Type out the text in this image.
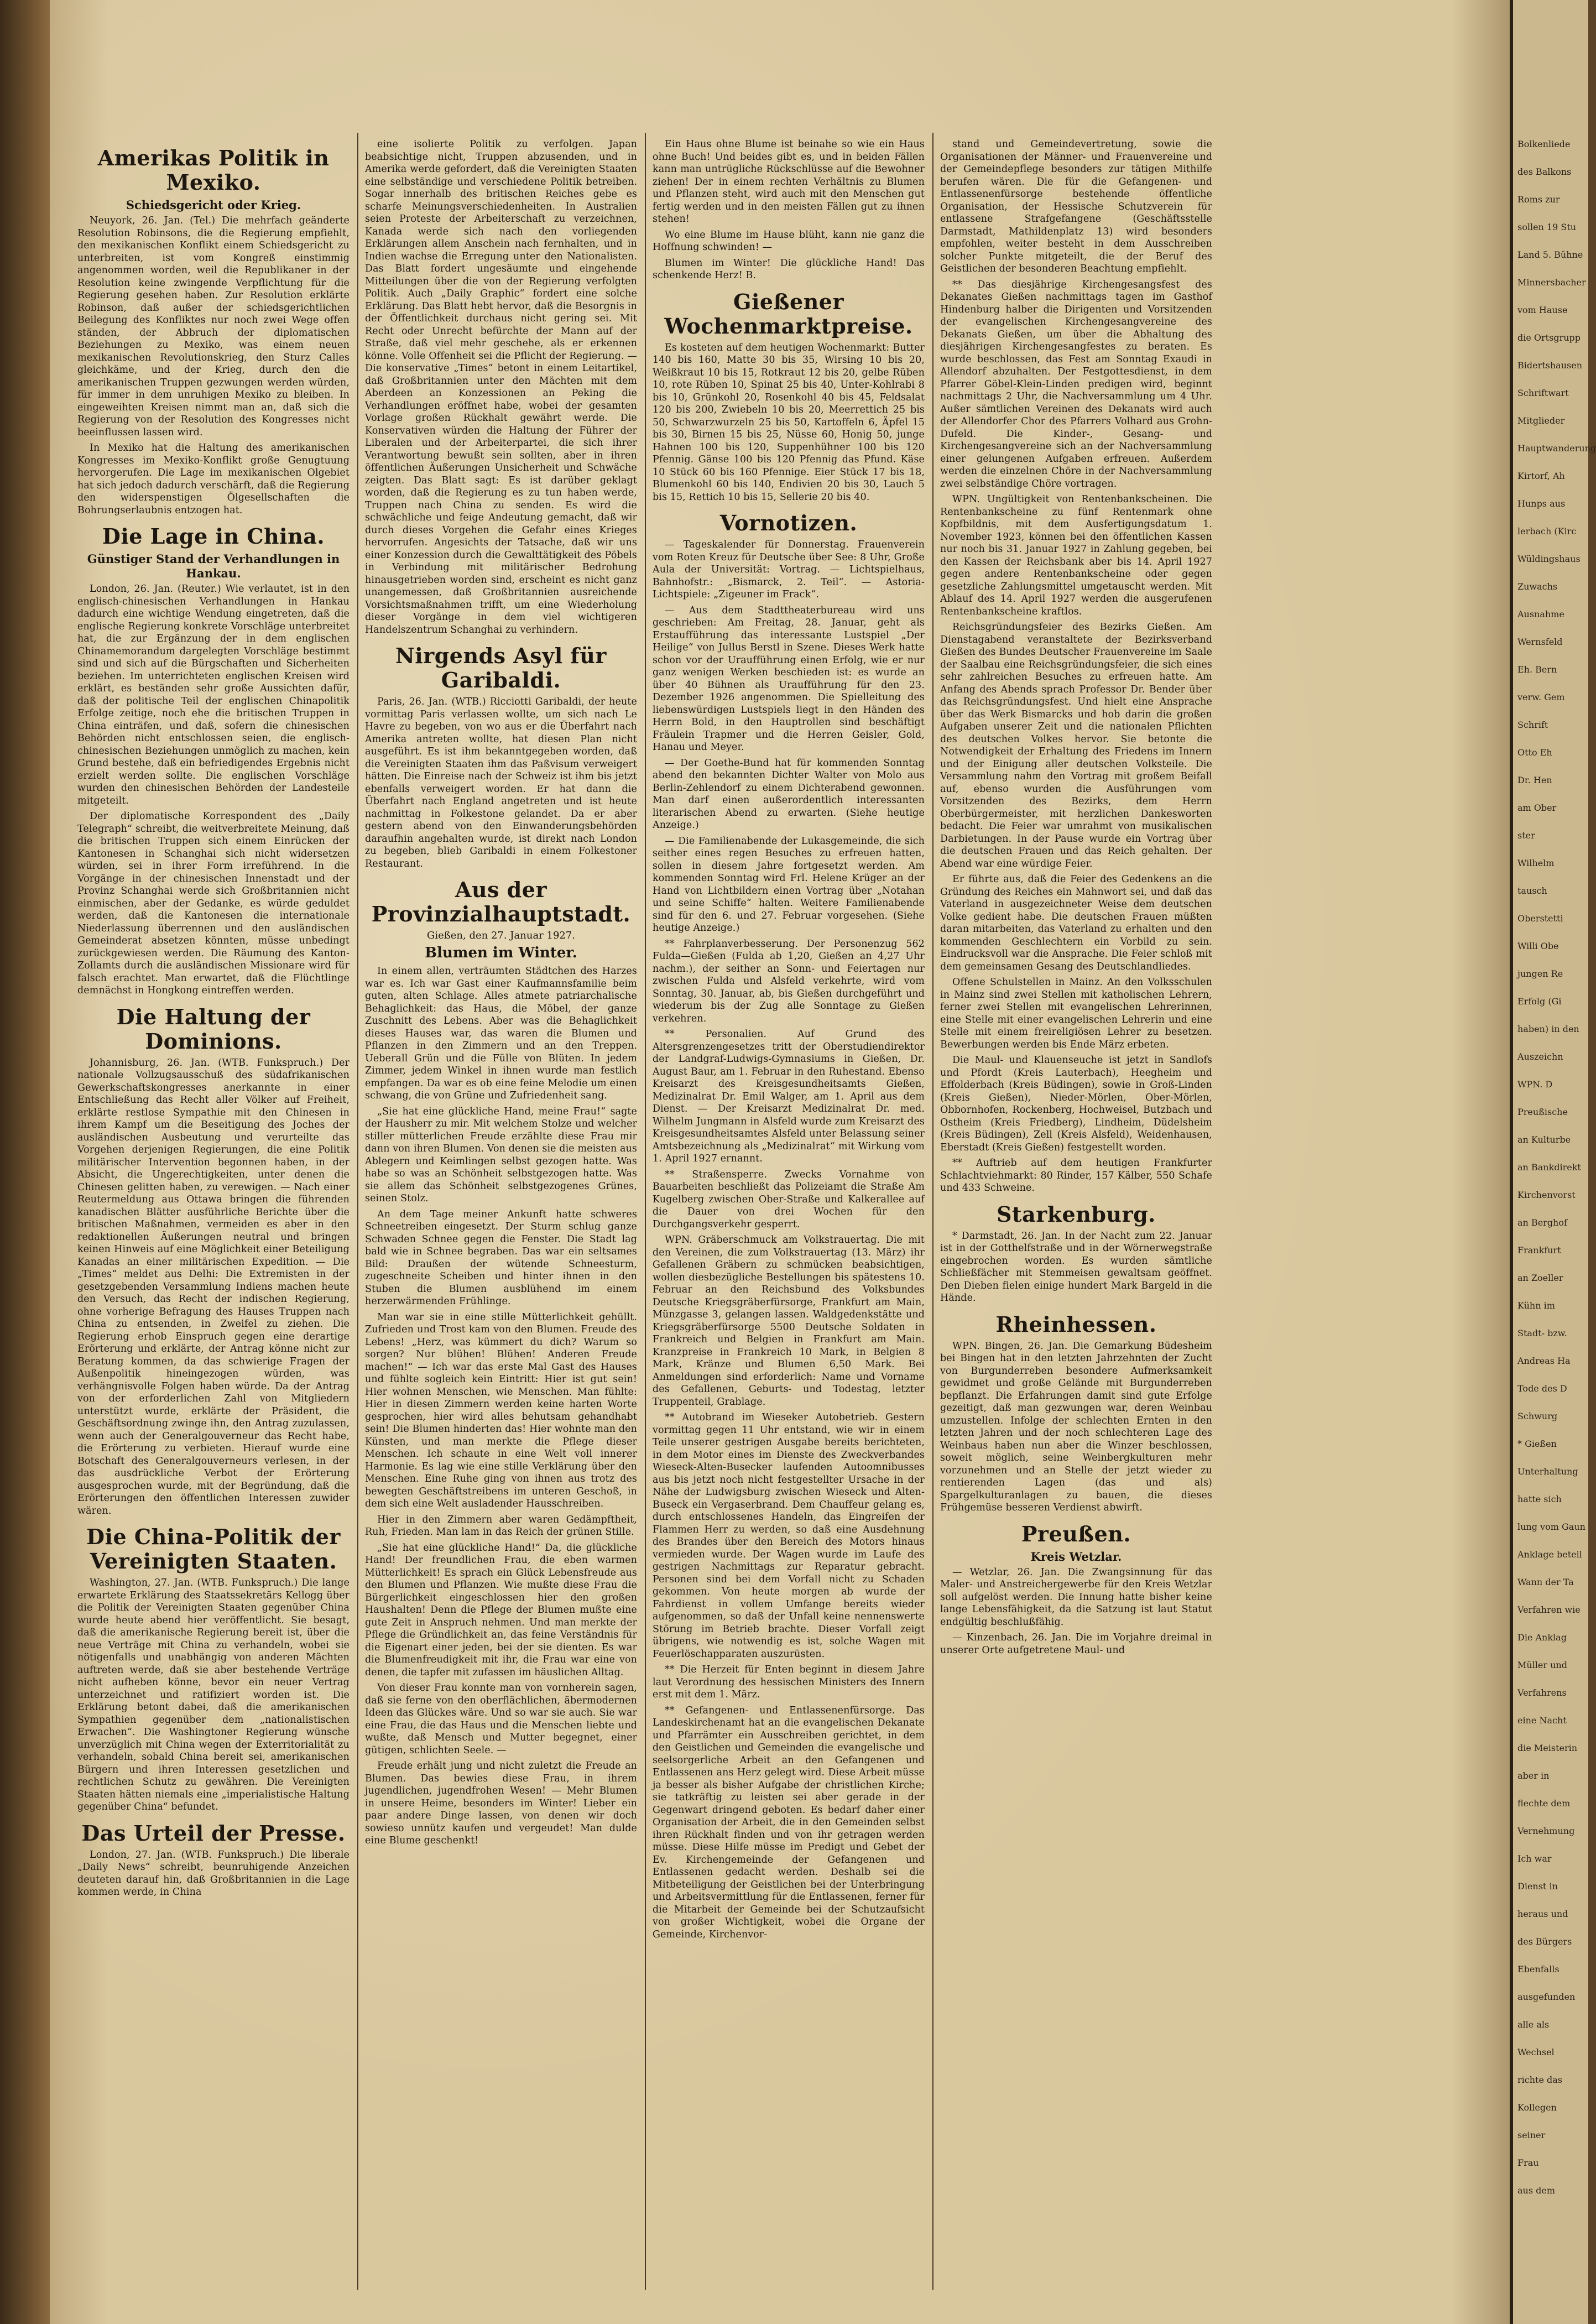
Amerikas Politik in Mexiko.
Schiedsgericht oder Krieg.

Neuyork, 26. Jan. (Tel.) Die mehrfach geänderte Resolution Robinsons, die die Regierung empfiehlt, den mexikanischen Konflikt einem Schiedsgericht zu unterbreiten, ist vom Kongreß einstimmig angenommen worden, weil die Republikaner in der Resolution keine zwingende Verpflichtung für die Regierung gesehen haben. Zur Resolution erklärte Robinson, daß außer der schiedsgerichtlichen Beilegung des Konfliktes nur noch zwei Wege offen ständen, der Abbruch der diplomatischen Beziehungen zu Mexiko, was einem neuen mexikanischen Revolutionskrieg, den Sturz Calles gleichkäme, und der Krieg, durch den die amerikanischen Truppen gezwungen werden würden, für immer in dem unruhigen Mexiko zu bleiben. In eingeweihten Kreisen nimmt man an, daß sich die Regierung von der Resolution des Kongresses nicht beeinflussen lassen wird.

In Mexiko hat die Haltung des amerikanischen Kongresses im Mexiko-Konflikt große Genugtuung hervorgerufen. Die Lage im mexikanischen Olgebiet hat sich jedoch dadurch verschärft, daß die Regierung den widerspenstigen Ölgesellschaften die Bohrungserlaubnis entzogen hat.

Die Lage in China.
Günstiger Stand der Verhandlungen in Hankau.

London, 26. Jan. (Reuter.) Wie verlautet, ist in den englisch-chinesischen Verhandlungen in Hankau dadurch eine wichtige Wendung eingetreten, daß die englische Regierung konkrete Vorschläge unterbreitet hat, die zur Ergänzung der in dem englischen Chinamemorandum dargelegten Vorschläge bestimmt sind und sich auf die Bürgschaften und Sicherheiten beziehen. Im unterrichteten englischen Kreisen wird erklärt, es beständen sehr große Aussichten dafür, daß der politische Teil der englischen Chinapolitik Erfolge zeitige, noch ehe die britischen Truppen in China einträfen, und daß, sofern die chinesischen Behörden nicht entschlossen seien, die englisch-chinesischen Beziehungen unmöglich zu machen, kein Grund bestehe, daß ein befriedigendes Ergebnis nicht erzielt werden sollte. Die englischen Vorschläge wurden den chinesischen Behörden der Landesteile mitgeteilt.

Der diplomatische Korrespondent des „Daily Telegraph“ schreibt, die weitverbreitete Meinung, daß die britischen Truppen sich einem Einrücken der Kantonesen in Schanghai sich nicht widersetzen würden, sei in ihrer Form irreführend. In die Vorgänge in der chinesischen Innenstadt und der Provinz Schanghai werde sich Großbritannien nicht einmischen, aber der Gedanke, es würde geduldet werden, daß die Kantonesen die internationale Niederlassung überrennen und den ausländischen Gemeinderat absetzen könnten, müsse unbedingt zurückgewiesen werden. Die Räumung des Kanton-Zollamts durch die ausländischen Missionare wird für falsch erachtet. Man erwartet, daß die Flüchtlinge demnächst in Hongkong eintreffen werden.

Die Haltung der Dominions.

Johannisburg, 26. Jan. (WTB. Funkspruch.) Der nationale Vollzugsausschuß des südafrikanischen Gewerkschaftskongresses anerkannte in einer Entschließung das Recht aller Völker auf Freiheit, erklärte restlose Sympathie mit den Chinesen in ihrem Kampf um die Beseitigung des Joches der ausländischen Ausbeutung und verurteilte das Vorgehen derjenigen Regierungen, die eine Politik militärischer Intervention begonnen haben, in der Absicht, die Ungerechtigkeiten, unter denen die Chinesen gelitten haben, zu verewigen. — Nach einer Reutermeldung aus Ottawa bringen die führenden kanadischen Blätter ausführliche Berichte über die britischen Maßnahmen, vermeiden es aber in den redaktionellen Äußerungen neutral und bringen keinen Hinweis auf eine Möglichkeit einer Beteiligung Kanadas an einer militärischen Expedition. — Die „Times“ meldet aus Delhi: Die Extremisten in der gesetzgebenden Versammlung Indiens machen heute den Versuch, das Recht der indischen Regierung, ohne vorherige Befragung des Hauses Truppen nach China zu entsenden, in Zweifel zu ziehen. Die Regierung erhob Einspruch gegen eine derartige Erörterung und erklärte, der Antrag könne nicht zur Beratung kommen, da das schwierige Fragen der Außenpolitik hineingezogen würden, was verhängnisvolle Folgen haben würde. Da der Antrag von der erforderlichen Zahl von Mitgliedern unterstützt wurde, erklärte der Präsident, die Geschäftsordnung zwinge ihn, den Antrag zuzulassen, wenn auch der Generalgouverneur das Recht habe, die Erörterung zu verbieten. Hierauf wurde eine Botschaft des Generalgouverneurs verlesen, in der das ausdrückliche Verbot der Erörterung ausgesprochen wurde, mit der Begründung, daß die Erörterungen den öffentlichen Interessen zuwider wären.

Die China-Politik der Vereinigten Staaten.

Washington, 27. Jan. (WTB. Funkspruch.) Die lange erwartete Erklärung des Staatssekretärs Kellogg über die Politik der Vereinigten Staaten gegenüber China wurde heute abend hier veröffentlicht. Sie besagt, daß die amerikanische Regierung bereit ist, über die neue Verträge mit China zu verhandeln, wobei sie nötigenfalls und unabhängig von anderen Mächten auftreten werde, daß sie aber bestehende Verträge nicht aufheben könne, bevor ein neuer Vertrag unterzeichnet und ratifiziert worden ist. Die Erklärung betont dabei, daß die amerikanischen Sympathien gegenüber dem „nationalistischen Erwachen“. Die Washingtoner Regierung wünsche unverzüglich mit China wegen der Exterritorialität zu verhandeln, sobald China bereit sei, amerikanischen Bürgern und ihren Interessen gesetzlichen und rechtlichen Schutz zu gewähren. Die Vereinigten Staaten hätten niemals eine „imperialistische Haltung gegenüber China“ befundet.

Das Urteil der Presse.

London, 27. Jan. (WTB. Funkspruch.) Die liberale „Daily News“ schreibt, beunruhigende Anzeichen deuteten darauf hin, daß Großbritannien in die Lage kommen werde, in China

eine isolierte Politik zu verfolgen. Japan beabsichtige nicht, Truppen abzusenden, und in Amerika werde gefordert, daß die Vereinigten Staaten eine selbständige und verschiedene Politik betreiben. Sogar innerhalb des britischen Reiches gebe es scharfe Meinungsverschiedenheiten. In Australien seien Proteste der Arbeiterschaft zu verzeichnen, Kanada werde sich nach den vorliegenden Erklärungen allem Anschein nach fernhalten, und in Indien wachse die Erregung unter den Nationalisten. Das Blatt fordert ungesäumte und eingehende Mitteilungen über die von der Regierung verfolgten Politik. Auch „Daily Graphic“ fordert eine solche Erklärung. Das Blatt hebt hervor, daß die Besorgnis in der Öffentlichkeit durchaus nicht gering sei. Mit Recht oder Unrecht befürchte der Mann auf der Straße, daß viel mehr geschehe, als er erkennen könne. Volle Offenheit sei die Pflicht der Regierung. — Die konservative „Times“ betont in einem Leitartikel, daß Großbritannien unter den Mächten mit dem Aberdeen an Konzessionen an Peking die Verhandlungen eröffnet habe, wobei der gesamten Vorlage großen Rückhalt gewährt werde. Die Konservativen würden die Haltung der Führer der Liberalen und der Arbeiterpartei, die sich ihrer Verantwortung bewußt sein sollten, aber in ihren öffentlichen Äußerungen Unsicherheit und Schwäche zeigten. Das Blatt sagt: Es ist darüber geklagt worden, daß die Regierung es zu tun haben werde, Truppen nach China zu senden. Es wird die schwächliche und feige Andeutung gemacht, daß wir durch dieses Vorgehen die Gefahr eines Krieges hervorrufen. Angesichts der Tatsache, daß wir uns einer Konzession durch die Gewalttätigkeit des Pöbels in Verbindung mit militärischer Bedrohung hinausgetrieben worden sind, erscheint es nicht ganz unangemessen, daß Großbritannien ausreichende Vorsichtsmaßnahmen trifft, um eine Wiederholung dieser Vorgänge in dem viel wichtigeren Handelszentrum Schanghai zu verhindern.

Nirgends Asyl für Garibaldi.

Paris, 26. Jan. (WTB.) Ricciotti Garibaldi, der heute vormittag Paris verlassen wollte, um sich nach Le Havre zu begeben, von wo aus er die Überfahrt nach Amerika antreten wollte, hat diesen Plan nicht ausgeführt. Es ist ihm bekanntgegeben worden, daß die Vereinigten Staaten ihm das Paßvisum verweigert hätten. Die Einreise nach der Schweiz ist ihm bis jetzt ebenfalls verweigert worden. Er hat dann die Überfahrt nach England angetreten und ist heute nachmittag in Folkestone gelandet. Da er aber gestern abend von den Einwanderungsbehörden daraufhin angehalten wurde, ist direkt nach London zu begeben, blieb Garibaldi in einem Folkestoner Restaurant.

Aus der Provinzialhauptstadt.
Gießen, den 27. Januar 1927.
Blumen im Winter.

In einem allen, verträumten Städtchen des Harzes war es. Ich war Gast einer Kaufmannsfamilie beim guten, alten Schlage. Alles atmete patriarchalische Behaglichkeit: das Haus, die Möbel, der ganze Zuschnitt des Lebens. Aber was die Behaglichkeit dieses Hauses war, das waren die Blumen und Pflanzen in den Zimmern und an den Treppen. Ueberall Grün und die Fülle von Blüten. In jedem Zimmer, jedem Winkel in ihnen wurde man festlich empfangen. Da war es ob eine feine Melodie um einen schwang, die von Grüne und Zufriedenheit sang.

„Sie hat eine glückliche Hand, meine Frau!“ sagte der Hausherr zu mir. Mit welchem Stolze und welcher stiller mütterlichen Freude erzählte diese Frau mir dann von ihren Blumen. Von denen sie die meisten aus Ablegern und Keimlingen selbst gezogen hatte. Was habe so was an Schönheit selbstgezogen hatte. Was sie allem das Schönheit selbstgezogenes Grünes, seinen Stolz.

An dem Tage meiner Ankunft hatte schweres Schneetreiben eingesetzt. Der Sturm schlug ganze Schwaden Schnee gegen die Fenster. Die Stadt lag bald wie in Schnee begraben. Das war ein seltsames Bild: Draußen der wütende Schneesturm, zugeschneite Scheiben und hinter ihnen in den Stuben die Blumen ausblühend im einem herzerwärmenden Frühlinge.

Man war sie in eine stille Mütterlichkeit gehüllt. Zufrieden und Trost kam von den Blumen. Freude des Lebens! „Herz, was kümmert du dich? Warum so sorgen? Nur blühen! Blühen! Anderen Freude machen!“ — Ich war das erste Mal Gast des Hauses und fühlte sogleich kein Eintritt: Hier ist gut sein! Hier wohnen Menschen, wie Menschen. Man fühlte: Hier in diesen Zimmern werden keine harten Worte gesprochen, hier wird alles behutsam gehandhabt sein! Die Blumen hinderten das! Hier wohnte man den Künsten, und man merkte die Pflege dieser Menschen. Ich schaute in eine Welt voll innerer Harmonie. Es lag wie eine stille Verklärung über den Menschen. Eine Ruhe ging von ihnen aus trotz des bewegten Geschäftstreibens im unteren Geschoß, in dem sich eine Welt ausladender Hausschreiben.

Hier in den Zimmern aber waren Gedämpftheit, Ruh, Frieden. Man lam in das Reich der grünen Stille.

„Sie hat eine glückliche Hand!“ Da, die glückliche Hand! Der freundlichen Frau, die eben warmen Mütterlichkeit! Es sprach ein Glück Lebensfreude aus den Blumen und Pflanzen. Wie mußte diese Frau die Bürgerlichkeit eingeschlossen hier den großen Haushalten! Denn die Pflege der Blumen mußte eine gute Zeit in Anspruch nehmen. Und man merkte der Pflege die Gründlichkeit an, das feine Verständnis für die Eigenart einer jeden, bei der sie dienten. Es war die Blumenfreudigkeit mit ihr, die Frau war eine von denen, die tapfer mit zufassen im häuslichen Alltag.

Von dieser Frau konnte man von vornherein sagen, daß sie ferne von den oberflächlichen, äbermodernen Ideen das Glückes wäre. Und so war sie auch. Sie war eine Frau, die das Haus und die Menschen liebte und wußte, daß Mensch und Mutter begegnet, einer gütigen, schlichten Seele. —

Freude erhält jung und nicht zuletzt die Freude an Blumen. Das bewies diese Frau, in ihrem jugendlichen, jugendfrohen Wesen! — Mehr Blumen in unsere Heime, besonders im Winter! Lieber ein paar andere Dinge lassen, von denen wir doch sowieso unnütz kaufen und vergeudet! Man dulde eine Blume geschenkt!

Ein Haus ohne Blume ist beinahe so wie ein Haus ohne Buch! Und beides gibt es, und in beiden Fällen kann man untrügliche Rückschlüsse auf die Bewohner ziehen! Der in einem rechten Verhältnis zu Blumen und Pflanzen steht, wird auch mit den Menschen gut fertig werden und in den meisten Fällen gut zu ihnen stehen!

Wo eine Blume im Hause blüht, kann nie ganz die Hoffnung schwinden! —

Blumen im Winter! Die glückliche Hand! Das schenkende Herz! B.

Gießener Wochenmarktpreise.

Es kosteten auf dem heutigen Wochenmarkt: Butter 140 bis 160, Matte 30 bis 35, Wirsing 10 bis 20, Weißkraut 10 bis 15, Rotkraut 12 bis 20, gelbe Rüben 10, rote Rüben 10, Spinat 25 bis 40, Unter-Kohlrabi 8 bis 10, Grünkohl 20, Rosenkohl 40 bis 45, Feldsalat 120 bis 200, Zwiebeln 10 bis 20, Meerrettich 25 bis 50, Schwarzwurzeln 25 bis 50, Kartoffeln 6, Äpfel 15 bis 30, Birnen 15 bis 25, Nüsse 60, Honig 50, junge Hahnen 100 bis 120, Suppenhühner 100 bis 120 Pfennig. Gänse 100 bis 120 Pfennig das Pfund. Käse 10 Stück 60 bis 160 Pfennige. Eier Stück 17 bis 18, Blumenkohl 60 bis 140, Endivien 20 bis 30, Lauch 5 bis 15, Rettich 10 bis 15, Sellerie 20 bis 40.

Vornotizen.

— Tageskalender für Donnerstag. Frauenverein vom Roten Kreuz für Deutsche über See: 8 Uhr, Große Aula der Universität: Vortrag. — Lichtspielhaus, Bahnhofstr.: „Bismarck, 2. Teil“. — Astoria-Lichtspiele: „Zigeuner im Frack“.

— Aus dem Stadttheaterbureau wird uns geschrieben: Am Freitag, 28. Januar, geht als Erstaufführung das interessante Lustspiel „Der Heilige“ von Jullus Berstl in Szene. Dieses Werk hatte schon vor der Uraufführung einen Erfolg, wie er nur ganz wenigen Werken beschieden ist: es wurde an über 40 Bühnen als Uraufführung für den 23. Dezember 1926 angenommen. Die Spielleitung des liebenswürdigen Lustspiels liegt in den Händen des Herrn Bold, in den Hauptrollen sind beschäftigt Fräulein Trapmer und die Herren Geisler, Gold, Hanau und Meyer.

— Der Goethe-Bund hat für kommenden Sonntag abend den bekannten Dichter Walter von Molo aus Berlin-Zehlendorf zu einem Dichterabend gewonnen. Man darf einen außerordentlich interessanten literarischen Abend zu erwarten. (Siehe heutige Anzeige.)

— Die Familienabende der Lukasgemeinde, die sich seither eines regen Besuches zu erfreuen hatten, sollen in diesem Jahre fortgesetzt werden. Am kommenden Sonntag wird Frl. Helene Krüger an der Hand von Lichtbildern einen Vortrag über „Notahan und seine Schiffe“ halten. Weitere Familienabende sind für den 6. und 27. Februar vorgesehen. (Siehe heutige Anzeige.)

** Fahrplanverbesserung. Der Personenzug 562 Fulda—Gießen (Fulda ab 1,20, Gießen an 4,27 Uhr nachm.), der seither an Sonn- und Feiertagen nur zwischen Fulda und Alsfeld verkehrte, wird vom Sonntag, 30. Januar, ab, bis Gießen durchgeführt und wiederum bis der Zug alle Sonntage zu Gießen verkehren.

** Personalien. Auf Grund des Altersgrenzengesetzes tritt der Oberstudiendirektor der Landgraf-Ludwigs-Gymnasiums in Gießen, Dr. August Baur, am 1. Februar in den Ruhestand. Ebenso Kreisarzt des Kreisgesundheitsamts Gießen, Medizinalrat Dr. Emil Walger, am 1. April aus dem Dienst. — Der Kreisarzt Medizinalrat Dr. med. Wilhelm Jungmann in Alsfeld wurde zum Kreisarzt des Kreisgesundheitsamtes Alsfeld unter Belassung seiner Amtsbezeichnung als „Medizinalrat“ mit Wirkung vom 1. April 1927 ernannt.

** Straßensperre. Zwecks Vornahme von Bauarbeiten beschließt das Polizeiamt die Straße Am Kugelberg zwischen Ober-Straße und Kalkerallee auf die Dauer von drei Wochen für den Durchgangsverkehr gesperrt.

WPN. Gräberschmuck am Volkstrauertag. Die mit den Vereinen, die zum Volkstrauertag (13. März) ihr Gefallenen Gräbern zu schmücken beabsichtigen, wollen diesbezügliche Bestellungen bis spätestens 10. Februar an den Reichsbund des Volksbundes Deutsche Kriegsgräberfürsorge, Frankfurt am Main, Münzgasse 3, gelangen lassen. Waldgedenkstätte und Kriegsgräberfürsorge 5500 Deutsche Soldaten in Frankreich und Belgien in Frankfurt am Main. Kranzpreise in Frankreich 10 Mark, in Belgien 8 Mark, Kränze und Blumen 6,50 Mark. Bei Anmeldungen sind erforderlich: Name und Vorname des Gefallenen, Geburts- und Todestag, letzter Truppenteil, Grablage.

** Autobrand im Wieseker Autobetrieb. Gestern vormittag gegen 11 Uhr entstand, wie wir in einem Teile unserer gestrigen Ausgabe bereits berichteten, in dem Motor eines im Dienste des Zweckverbandes Wieseck-Alten-Busecker laufenden Autoomnibusses aus bis jetzt noch nicht festgestellter Ursache in der Nähe der Ludwigsburg zwischen Wieseck und Alten-Buseck ein Vergaserbrand. Dem Chauffeur gelang es, durch entschlossenes Handeln, das Eingreifen der Flammen Herr zu werden, so daß eine Ausdehnung des Brandes über den Bereich des Motors hinaus vermieden wurde. Der Wagen wurde im Laufe des gestrigen Nachmittags zur Reparatur gebracht. Personen sind bei dem Vorfall nicht zu Schaden gekommen. Von heute morgen ab wurde der Fahrdienst in vollem Umfange bereits wieder aufgenommen, so daß der Unfall keine nennenswerte Störung im Betrieb brachte. Dieser Vorfall zeigt übrigens, wie notwendig es ist, solche Wagen mit Feuerlöschapparaten auszurüsten.

** Die Herzeit für Enten beginnt in diesem Jahre laut Verordnung des hessischen Ministers des Innern erst mit dem 1. März.

** Gefangenen- und Entlassenenfürsorge. Das Landeskirchenamt hat an die evangelischen Dekanate und Pfarrämter ein Ausschreiben gerichtet, in dem den Geistlichen und Gemeinden die evangelische und seelsorgerliche Arbeit an den Gefangenen und Entlassenen ans Herz gelegt wird. Diese Arbeit müsse ja besser als bisher Aufgabe der christlichen Kirche; sie tatkräftig zu leisten sei aber gerade in der Gegenwart dringend geboten. Es bedarf daher einer Organisation der Arbeit, die in den Gemeinden selbst ihren Rückhalt finden und von ihr getragen werden müsse. Diese Hilfe müsse im Predigt und Gebet der Ev. Kirchengemeinde der Gefangenen und Entlassenen gedacht werden. Deshalb sei die Mitbeteiligung der Geistlichen bei der Unterbringung und Arbeitsvermittlung für die Entlassenen, ferner für die Mitarbeit der Gemeinde bei der Schutzaufsicht von großer Wichtigkeit, wobei die Organe der Gemeinde, Kirchenvor-

stand und Gemeindevertretung, sowie die Organisationen der Männer- und Frauenvereine und der Gemeindepflege besonders zur tätigen Mithilfe berufen wären. Die für die Gefangenen- und Entlassenenfürsorge bestehende öffentliche Organisation, der Hessische Schutzverein für entlassene Strafgefangene (Geschäftsstelle Darmstadt, Mathildenplatz 13) wird besonders empfohlen, weiter besteht in dem Ausschreiben solcher Punkte mitgeteilt, die der Beruf des Geistlichen der besonderen Beachtung empfiehlt.

** Das diesjährige Kirchengesangsfest des Dekanates Gießen nachmittags tagen im Gasthof Hindenburg halber die Dirigenten und Vorsitzenden der evangelischen Kirchengesangvereine des Dekanats Gießen, um über die Abhaltung des diesjährigen Kirchengesangfestes zu beraten. Es wurde beschlossen, das Fest am Sonntag Exaudi in Allendorf abzuhalten. Der Festgottesdienst, in dem Pfarrer Göbel-Klein-Linden predigen wird, beginnt nachmittags 2 Uhr, die Nachversammlung um 4 Uhr. Außer sämtlichen Vereinen des Dekanats wird auch der Allendorfer Chor des Pfarrers Volhard aus Grohn-Dufeld. Die Kinder-, Gesang- und Kirchengesangvereine sich an der Nachversammlung einer gelungenen Aufgaben erfreuen. Außerdem werden die einzelnen Chöre in der Nachversammlung zwei selbständige Chöre vortragen.

WPN. Ungültigkeit von Rentenbankscheinen. Die Rentenbankscheine zu fünf Rentenmark ohne Kopfbildnis, mit dem Ausfertigungsdatum 1. November 1923, können bei den öffentlichen Kassen nur noch bis 31. Januar 1927 in Zahlung gegeben, bei den Kassen der Reichsbank aber bis 14. April 1927 gegen andere Rentenbankscheine oder gegen gesetzliche Zahlungsmittel umgetauscht werden. Mit Ablauf des 14. April 1927 werden die ausgerufenen Rentenbankscheine kraftlos.

Reichsgründungsfeier des Bezirks Gießen. Am Dienstagabend veranstaltete der Bezirksverband Gießen des Bundes Deutscher Frauenvereine im Saale der Saalbau eine Reichsgründungsfeier, die sich eines sehr zahlreichen Besuches zu erfreuen hatte. Am Anfang des Abends sprach Professor Dr. Bender über das Reichsgründungsfest. Und hielt eine Ansprache über das Werk Bismarcks und hob darin die großen Aufgaben unserer Zeit und die nationalen Pflichten des deutschen Volkes hervor. Sie betonte die Notwendigkeit der Erhaltung des Friedens im Innern und der Einigung aller deutschen Volksteile. Die Versammlung nahm den Vortrag mit großem Beifall auf, ebenso wurden die Ausführungen vom Vorsitzenden des Bezirks, dem Herrn Oberbürgermeister, mit herzlichen Dankesworten bedacht. Die Feier war umrahmt von musikalischen Darbietungen. In der Pause wurde ein Vortrag über die deutschen Frauen und das Reich gehalten. Der Abend war eine würdige Feier.

Er führte aus, daß die Feier des Gedenkens an die Gründung des Reiches ein Mahnwort sei, und daß das Vaterland in ausgezeichneter Weise dem deutschen Volke gedient habe. Die deutschen Frauen müßten daran mitarbeiten, das Vaterland zu erhalten und den kommenden Geschlechtern ein Vorbild zu sein. Eindrucksvoll war die Ansprache. Die Feier schloß mit dem gemeinsamen Gesang des Deutschlandliedes.

Offene Schulstellen in Mainz. An den Volksschulen in Mainz sind zwei Stellen mit katholischen Lehrern, ferner zwei Stellen mit evangelischen Lehrerinnen, eine Stelle mit einer evangelischen Lehrerin und eine Stelle mit einem freireligiösen Lehrer zu besetzen. Bewerbungen werden bis Ende März erbeten.

Die Maul- und Klauenseuche ist jetzt in Sandlofs und Pfordt (Kreis Lauterbach), Heegheim und Effolderbach (Kreis Büdingen), sowie in Groß-Linden (Kreis Gießen), Nieder-Mörlen, Ober-Mörlen, Obbornhofen, Rockenberg, Hochweisel, Butzbach und Ostheim (Kreis Friedberg), Lindheim, Düdelsheim (Kreis Büdingen), Zell (Kreis Alsfeld), Weidenhausen, Eberstadt (Kreis Gießen) festgestellt worden.

** Auftrieb auf dem heutigen Frankfurter Schlachtviehmarkt: 80 Rinder, 157 Kälber, 550 Schafe und 433 Schweine.

Starkenburg.

* Darmstadt, 26. Jan. In der Nacht zum 22. Januar ist in der Gotthelfstraße und in der Wörnerwegstraße eingebrochen worden. Es wurden sämtliche Schließfächer mit Stemmeisen gewaltsam geöffnet. Den Dieben fielen einige hundert Mark Bargeld in die Hände.

Rheinhessen.

WPN. Bingen, 26. Jan. Die Gemarkung Büdesheim bei Bingen hat in den letzten Jahrzehnten der Zucht von Burgunderreben besondere Aufmerksamkeit gewidmet und große Gelände mit Burgunderreben bepflanzt. Die Erfahrungen damit sind gute Erfolge gezeitigt, daß man gezwungen war, deren Weinbau umzustellen. Infolge der schlechten Ernten in den letzten Jahren und der noch schlechteren Lage des Weinbaus haben nun aber die Winzer beschlossen, soweit möglich, seine Weinbergkulturen mehr vorzunehmen und an Stelle der jetzt wieder zu rentierenden Lagen (das und als) Spargelkulturanlagen zu bauen, die dieses Frühgemüse besseren Verdienst abwirft.

Preußen.
Kreis Wetzlar.

— Wetzlar, 26. Jan. Die Zwangsinnung für das Maler- und Anstreichergewerbe für den Kreis Wetzlar soll aufgelöst werden. Die Innung hatte bisher keine lange Lebensfähigkeit, da die Satzung ist laut Statut endgültig beschlußfähig.

— Kinzenbach, 26. Jan. Die im Vorjahre dreimal in unserer Orte aufgetretene Maul- und

Bolkenliede
des Balkons
Roms zur
sollen 19 Stu
Land 5. Bühne
Minnersbacher
vom Hause
die Ortsgrupp
Bidertshausen
Schriftwart
Mitglieder
Hauptwanderung
Kirtorf, Ah
Hunps aus
lerbach (Kirc
Wüldingshaus
Zuwachs
Ausnahme
Wernsfeld
Eh. Bern
verw. Gem
Schrift
Otto Eh
Dr. Hen
am Ober
ster
Wilhelm
tausch
Oberstetti
Willi Obe
jungen Re
Erfolg (Gi
haben) in den
Auszeichn
WPN. D
Preußische
an Kulturbe
an Bankdirekt
Kirchenvorst
an Berghof
Frankfurt
an Zoeller
Kühn im
Stadt- bzw.
Andreas Ha
Tode des D
Schwurg
* Gießen
Unterhaltung
hatte sich
lung vom Gaun
Anklage beteil
Wann der Ta
Verfahren wie
Die Anklag
Müller und
Verfahrens
eine Nacht
die Meisterin
aber in
flechte dem
Vernehmung
Ich war
Dienst in
heraus und
des Bürgers
Ebenfalls
ausgefunden
alle als
Wechsel
richte das
Kollegen
seiner
Frau
aus dem
